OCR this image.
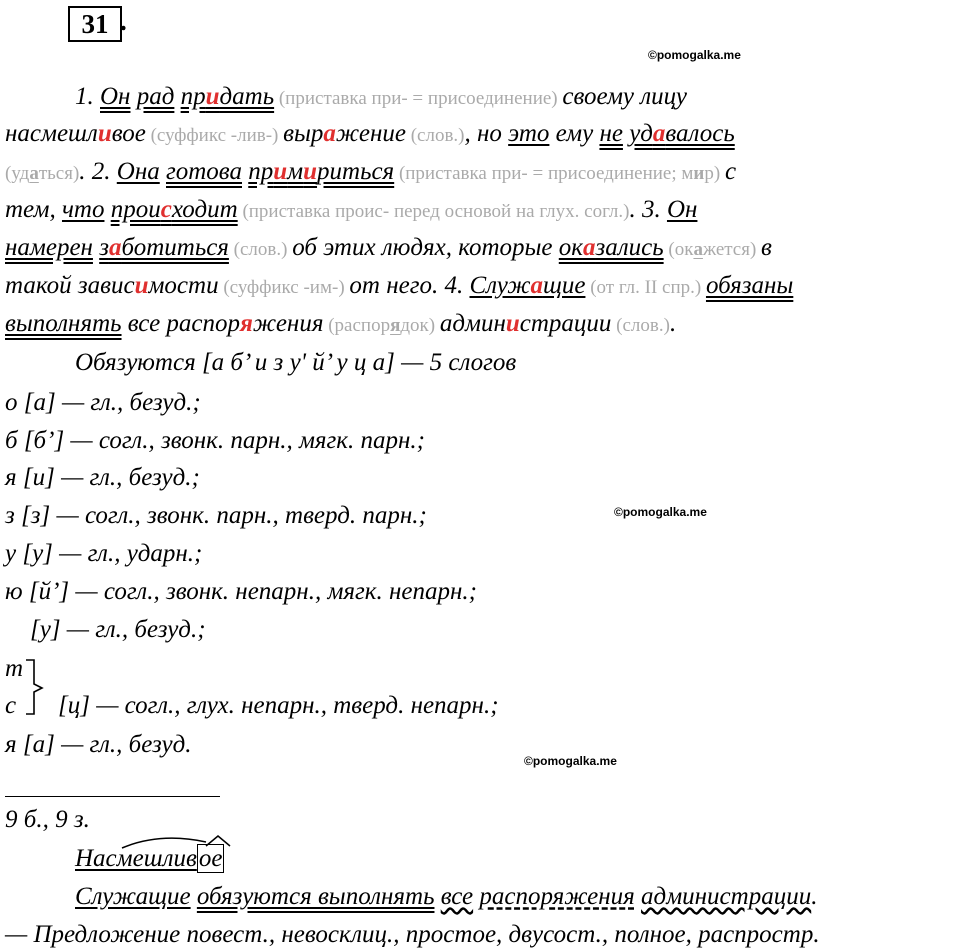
31 .
©pomogalka.me
©pomogalka.me
©pomogalka.me
1. Он рад придать (приставка при- = присоединение) своему лицу
насмешливое (суффикс -лив-) выражение (слов.), но это ему не удавалось
(удаться). 2. Она готова примириться (приставка при- = присоединение; мир) с
тем, что происходит (приставка проис- перед основой на глух. согл.). 3. Он
намерен заботиться (слов.) об этих людях, которые оказались (окажется) в
такой зависимости (суффикс -им-) от него. 4. Служащие (от гл. II спр.) обязаны
выполнять все распоряжения (распорядок) администрации (слов.).
Обязуются [а б’ и з у' й’ у ц а] — 5 слогов
о [а] — гл., безуд.;
б [б’] — согл., звонк. парн., мягк. парн.;
я [и] — гл., безуд.;
з [з] — согл., звонк. парн., тверд. парн.;
у [у] — гл., ударн.;
ю [й’] — согл., звонк. непарн., мягк. непарн.;
[у] — гл., безуд.;
т
с [ц] — согл., глух. непарн., тверд. непарн.;
я [а] — гл., безуд.
9 б., 9 з.
Насмешливое
Служащие обязуются выполнять все распоряжения администрации.
— Предложение повест., невосклиц., простое, двусост., полное, распростр.
